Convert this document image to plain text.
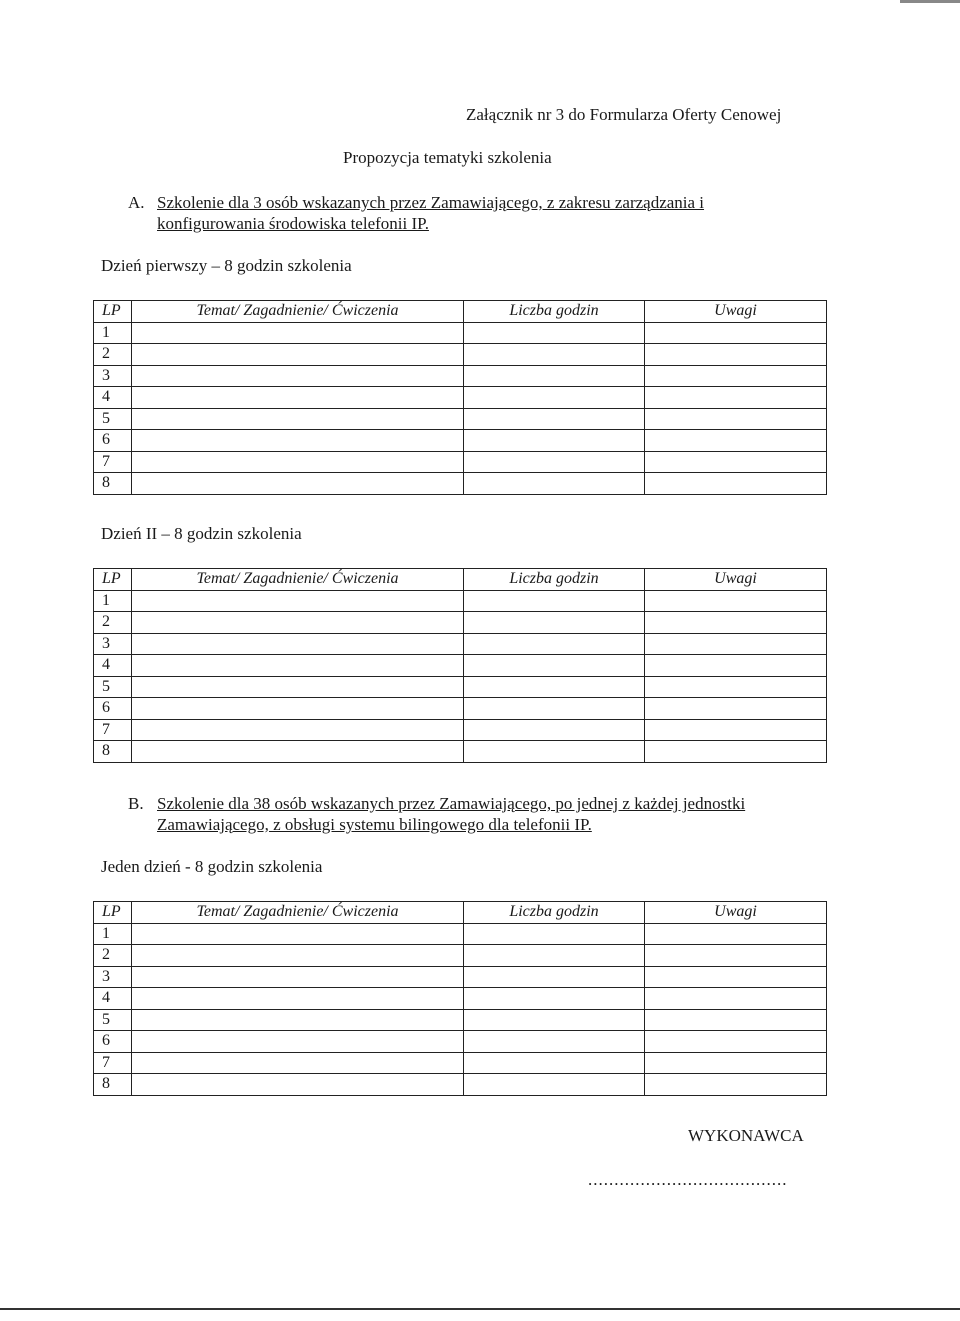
Załącznik nr 3 do Formularza Oferty Cenowej
Propozycja tematyki szkolenia
A. Szkolenie dla 3 osób wskazanych przez Zamawiającego, z zakresu zarządzania i
konfigurowania środowiska telefonii IP.
Dzień pierwszy – 8 godzin szkolenia
LP	Temat/ Zagadnienie/ Ćwiczenia	Liczba godzin	Uwagi
1			
2			
3			
4			
5			
6			
7			
8			
Dzień II – 8 godzin szkolenia
LP	Temat/ Zagadnienie/ Ćwiczenia	Liczba godzin	Uwagi
1			
2			
3			
4			
5			
6			
7			
8			
B. Szkolenie dla 38 osób wskazanych przez Zamawiającego, po jednej z każdej jednostki
Zamawiającego, z obsługi systemu bilingowego dla telefonii IP.
Jeden dzień - 8 godzin szkolenia
LP	Temat/ Zagadnienie/ Ćwiczenia	Liczba godzin	Uwagi
1			
2			
3			
4			
5			
6			
7			
8			
WYKONAWCA
......................................
